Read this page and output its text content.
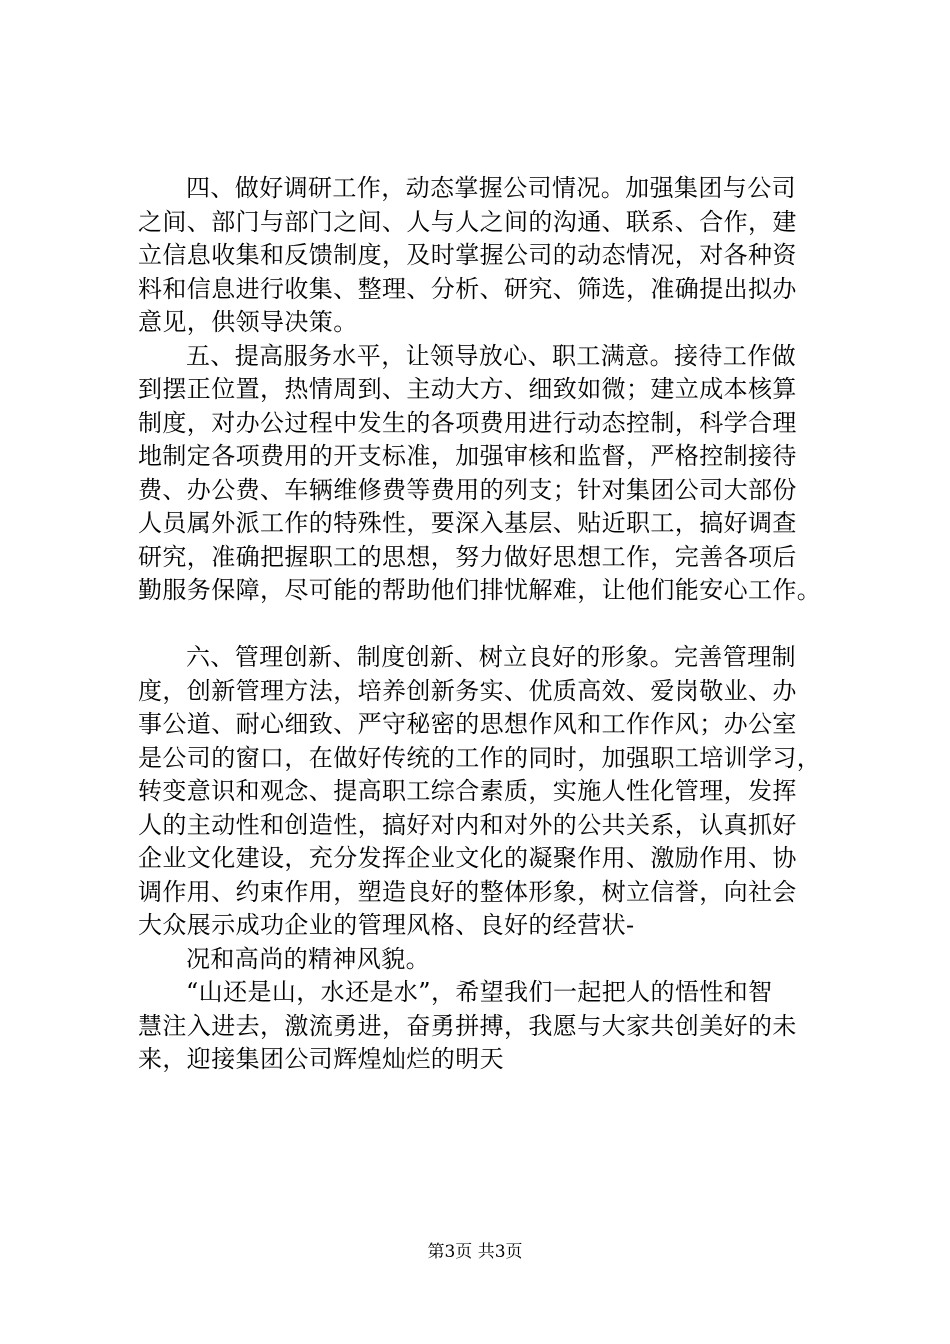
四、做好调研工作，动态掌握公司情况。加强集团与公司
之间、部门与部门之间、人与人之间的沟通、联系、合作，建
立信息收集和反馈制度，及时掌握公司的动态情况，对各种资
料和信息进行收集、整理、分析、研究、筛选，准确提出拟办
意见，供领导决策。
五、提高服务水平，让领导放心、职工满意。接待工作做
到摆正位置，热情周到、主动大方、细致如微；建立成本核算
制度，对办公过程中发生的各项费用进行动态控制，科学合理
地制定各项费用的开支标准，加强审核和监督，严格控制接待
费、办公费、车辆维修费等费用的列支；针对集团公司大部份
人员属外派工作的特殊性，要深入基层、贴近职工，搞好调查
研究，准确把握职工的思想，努力做好思想工作，完善各项后
勤服务保障，尽可能的帮助他们排忧解难，让他们能安心工作。
六、管理创新、制度创新、树立良好的形象。完善管理制
度，创新管理方法，培养创新务实、优质高效、爱岗敬业、办
事公道、耐心细致、严守秘密的思想作风和工作作风；办公室
是公司的窗口，在做好传统的工作的同时，加强职工培训学习，
转变意识和观念、提高职工综合素质，实施人性化管理，发挥
人的主动性和创造性，搞好对内和对外的公共关系，认真抓好
企业文化建设，充分发挥企业文化的凝聚作用、激励作用、协
调作用、约束作用，塑造良好的整体形象，树立信誉，向社会
大众展示成功企业的管理风格、良好的经营状-
况和高尚的精神风貌。
“山还是山，水还是水”，希望我们一起把人的悟性和智
慧注入进去，激流勇进，奋勇拼搏，我愿与大家共创美好的未
来，迎接集团公司辉煌灿烂的明天
第3页 共3页
